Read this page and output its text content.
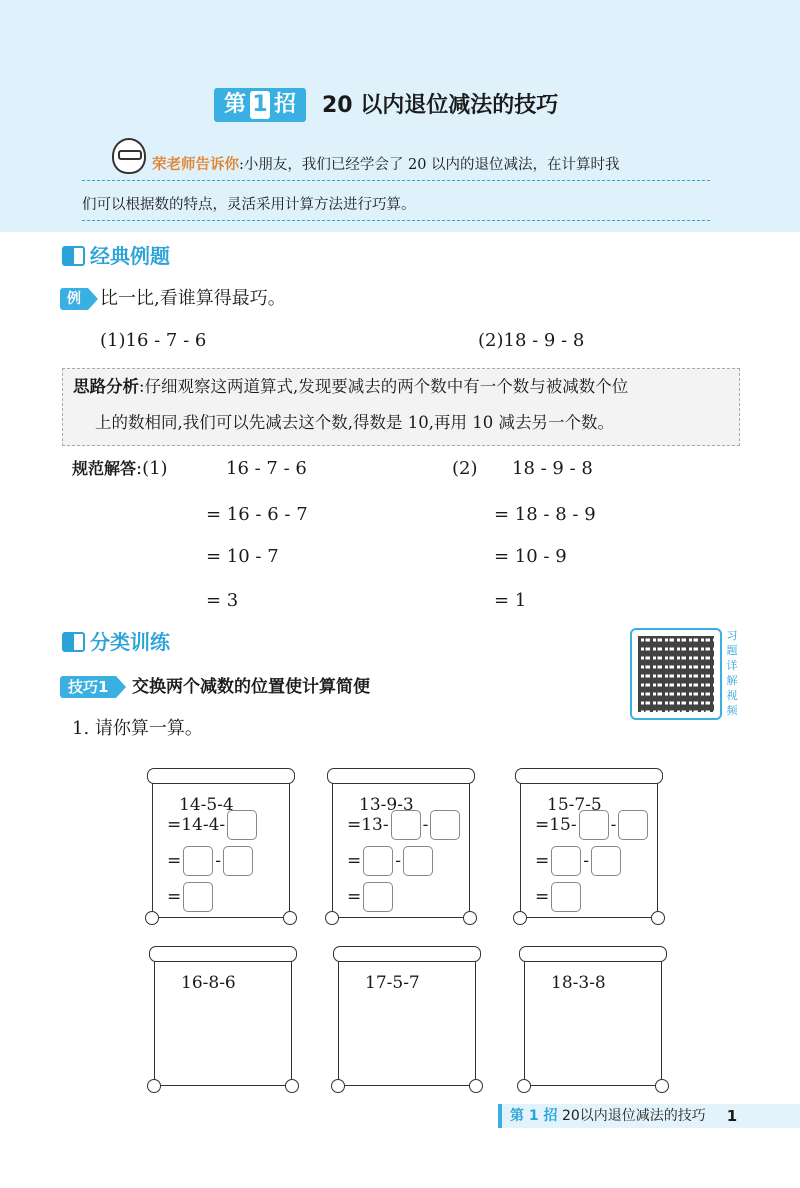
第 1 招 20 以内退位减法的技巧
荣老师告诉你:小朋友，我们已经学会了 20 以内的退位减法，在计算时我
们可以根据数的特点，灵活采用计算方法进行巧算。
经典例题
例	比一比,看谁算得最巧。
(1)16 - 7 - 6	(2)18 - 9 - 8
思路分析:仔细观察这两道算式,发现要减去的两个数中有一个数与被减数个位
上的数相同,我们可以先减去这个数,得数是 10,再用 10 减去另一个数。
规范解答:(1)	16 - 7 - 6
= 16 - 6 - 7
= 10 - 7
= 3
(2) 18 - 9 - 8
= 18 - 8 - 9
= 10 - 9
= 1
分类训练	习题详解视频
技巧1	交换两个减数的位置使计算简便
1. 请你算一算。
14-5-4
=14-4-
= -
=
13-9-3
=13- -
= -
=
15-7-5
=15- -
= -
=
16-8-6	17-5-7	18-3-8
第 1 招 20以内退位减法的技巧 1
